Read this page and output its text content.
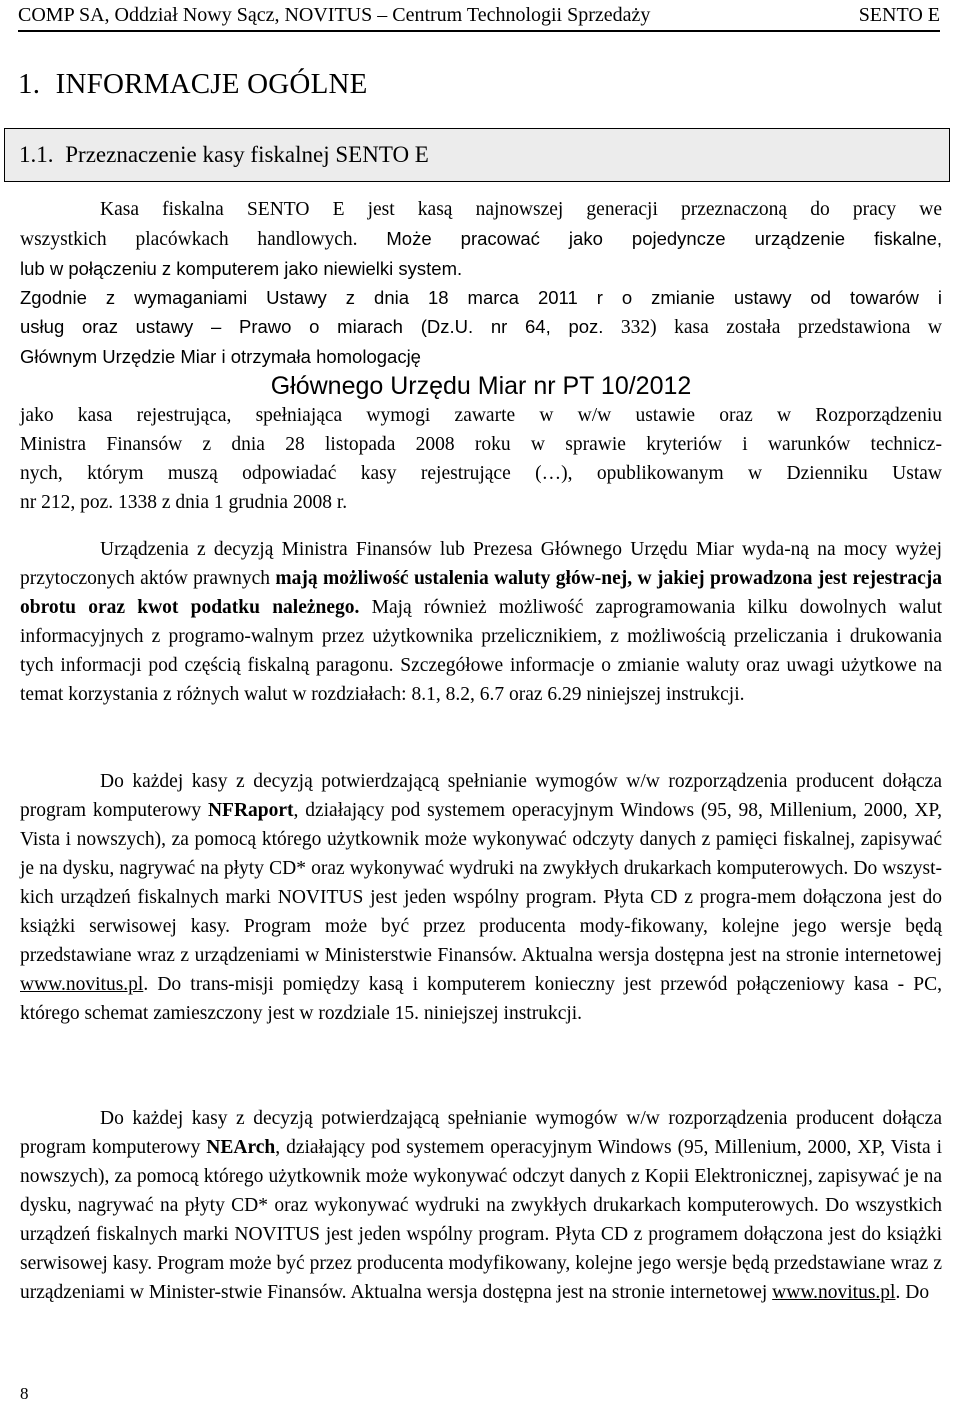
COMP SA, Oddział Nowy Sącz, NOVITUS – Centrum Technologii Sprzedaży	SENTO E
1. INFORMACJE OGÓLNE
1.1. Przeznaczenie kasy fiskalnej SENTO E

Kasa fiskalna SENTO E jest kasą najnowszej generacji przeznaczoną do pracy we

wszystkich placówkach handlowych. Może pracować jako pojedyncze urządzenie fiskalne,

lub w połączeniu z komputerem jako niewielki system.

Zgodnie z wymaganiami Ustawy z dnia 18 marca 2011 r o zmianie ustawy od towarów i

usług oraz ustawy – Prawo o miarach (Dz.U. nr 64, poz. 332) kasa została przedstawiona w

Głównym Urzędzie Miar i otrzymała homologację

Głównego Urzędu Miar nr PT 10/2012

jako kasa rejestrująca, spełniająca wymogi zawarte w w/w ustawie oraz w Rozporządzeniu

Ministra Finansów z dnia 28 listopada 2008 roku w sprawie kryteriów i warunków technicz-

nych, którym muszą odpowiadać kasy rejestrujące (…), opublikowanym w Dzienniku Ustaw

nr 212, poz. 1338 z dnia 1 grudnia 2008 r.

Urządzenia z decyzją Ministra Finansów lub Prezesa Głównego Urzędu Miar wyda-ną na mocy wyżej przytoczonych aktów prawnych mają możliwość ustalenia waluty głów-nej, w jakiej prowadzona jest rejestracja obrotu oraz kwot podatku należnego. Mają również możliwość zaprogramowania kilku dowolnych walut informacyjnych z programo-walnym przez użytkownika przelicznikiem, z możliwością przeliczania i drukowania tych informacji pod częścią fiskalną paragonu. Szczegółowe informacje o zmianie waluty oraz uwagi użytkowe na temat korzystania z różnych walut w rozdziałach: 8.1, 8.2, 6.7 oraz 6.29 niniejszej instrukcji.

Do każdej kasy z decyzją potwierdzającą spełnianie wymogów w/w rozporządzenia producent dołącza program komputerowy NFRaport, działający pod systemem operacyjnym Windows (95, 98, Millenium, 2000, XP, Vista i nowszych), za pomocą którego użytkownik może wykonywać odczyty danych z pamięci fiskalnej, zapisywać je na dysku, nagrywać na płyty CD* oraz wykonywać wydruki na zwykłych drukarkach komputerowych. Do wszyst-kich urządzeń fiskalnych marki NOVITUS jest jeden wspólny program. Płyta CD z progra-mem dołączona jest do książki serwisowej kasy. Program może być przez producenta mody-fikowany, kolejne jego wersje będą przedstawiane wraz z urządzeniami w Ministerstwie Finansów. Aktualna wersja dostępna jest na stronie internetowej www.novitus.pl. Do trans-misji pomiędzy kasą i komputerem konieczny jest przewód połączeniowy kasa - PC, którego schemat zamieszczony jest w rozdziale 15. niniejszej instrukcji.

Do każdej kasy z decyzją potwierdzającą spełnianie wymogów w/w rozporządzenia producent dołącza program komputerowy NEArch, działający pod systemem operacyjnym Windows (95, Millenium, 2000, XP, Vista i nowszych), za pomocą którego użytkownik może wykonywać odczyt danych z Kopii Elektronicznej, zapisywać je na dysku, nagrywać na płyty CD* oraz wykonywać wydruki na zwykłych drukarkach komputerowych. Do wszystkich urządzeń fiskalnych marki NOVITUS jest jeden wspólny program. Płyta CD z programem dołączona jest do książki serwisowej kasy. Program może być przez producenta modyfikowany, kolejne jego wersje będą przedstawiane wraz z urządzeniami w Minister-stwie Finansów. Aktualna wersja dostępna jest na stronie internetowej www.novitus.pl. Do

8
